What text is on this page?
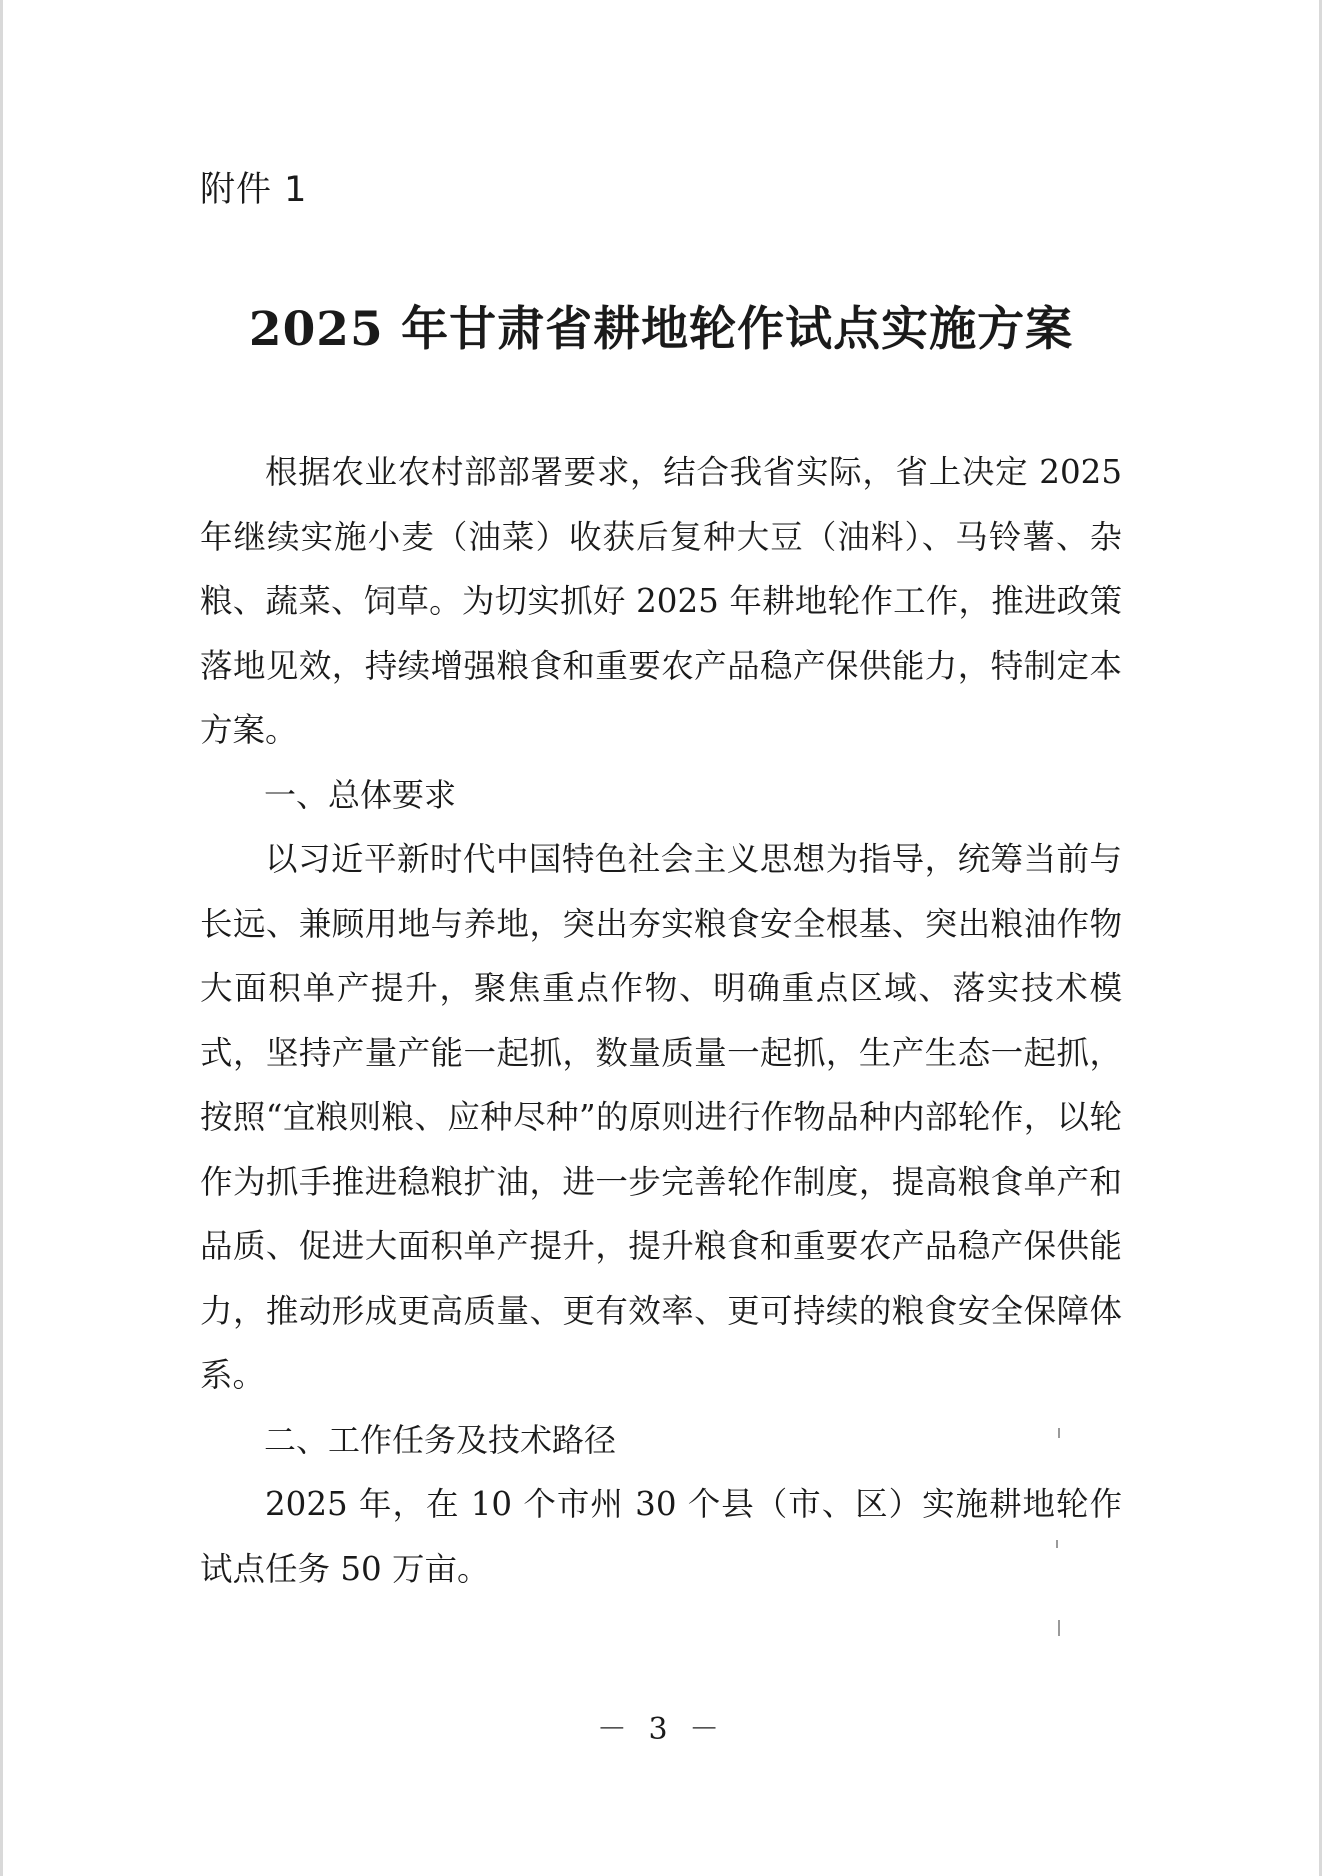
附件 1
2025 年甘肃省耕地轮作试点实施方案

根据农业农村部部署要求，结合我省实际，省上决定 2025 年继续实施小麦（油菜）收获后复种大豆（油料）、马铃薯、杂粮、蔬菜、饲草。为切实抓好 2025 年耕地轮作工作，推进政策落地见效，持续增强粮食和重要农产品稳产保供能力，特制定本方案。

一、总体要求

以习近平新时代中国特色社会主义思想为指导，统筹当前与长远、兼顾用地与养地，突出夯实粮食安全根基、突出粮油作物大面积单产提升，聚焦重点作物、明确重点区域、落实技术模式，坚持产量产能一起抓，数量质量一起抓，生产生态一起抓，按照“宜粮则粮、应种尽种”的原则进行作物品种内部轮作，以轮作为抓手推进稳粮扩油，进一步完善轮作制度，提高粮食单产和品质、促进大面积单产提升，提升粮食和重要农产品稳产保供能力，推动形成更高质量、更有效率、更可持续的粮食安全保障体系。

二、工作任务及技术路径

2025 年，在 10 个市州 30 个县（市、区）实施耕地轮作试点任务 50 万亩。

－ 3 －
